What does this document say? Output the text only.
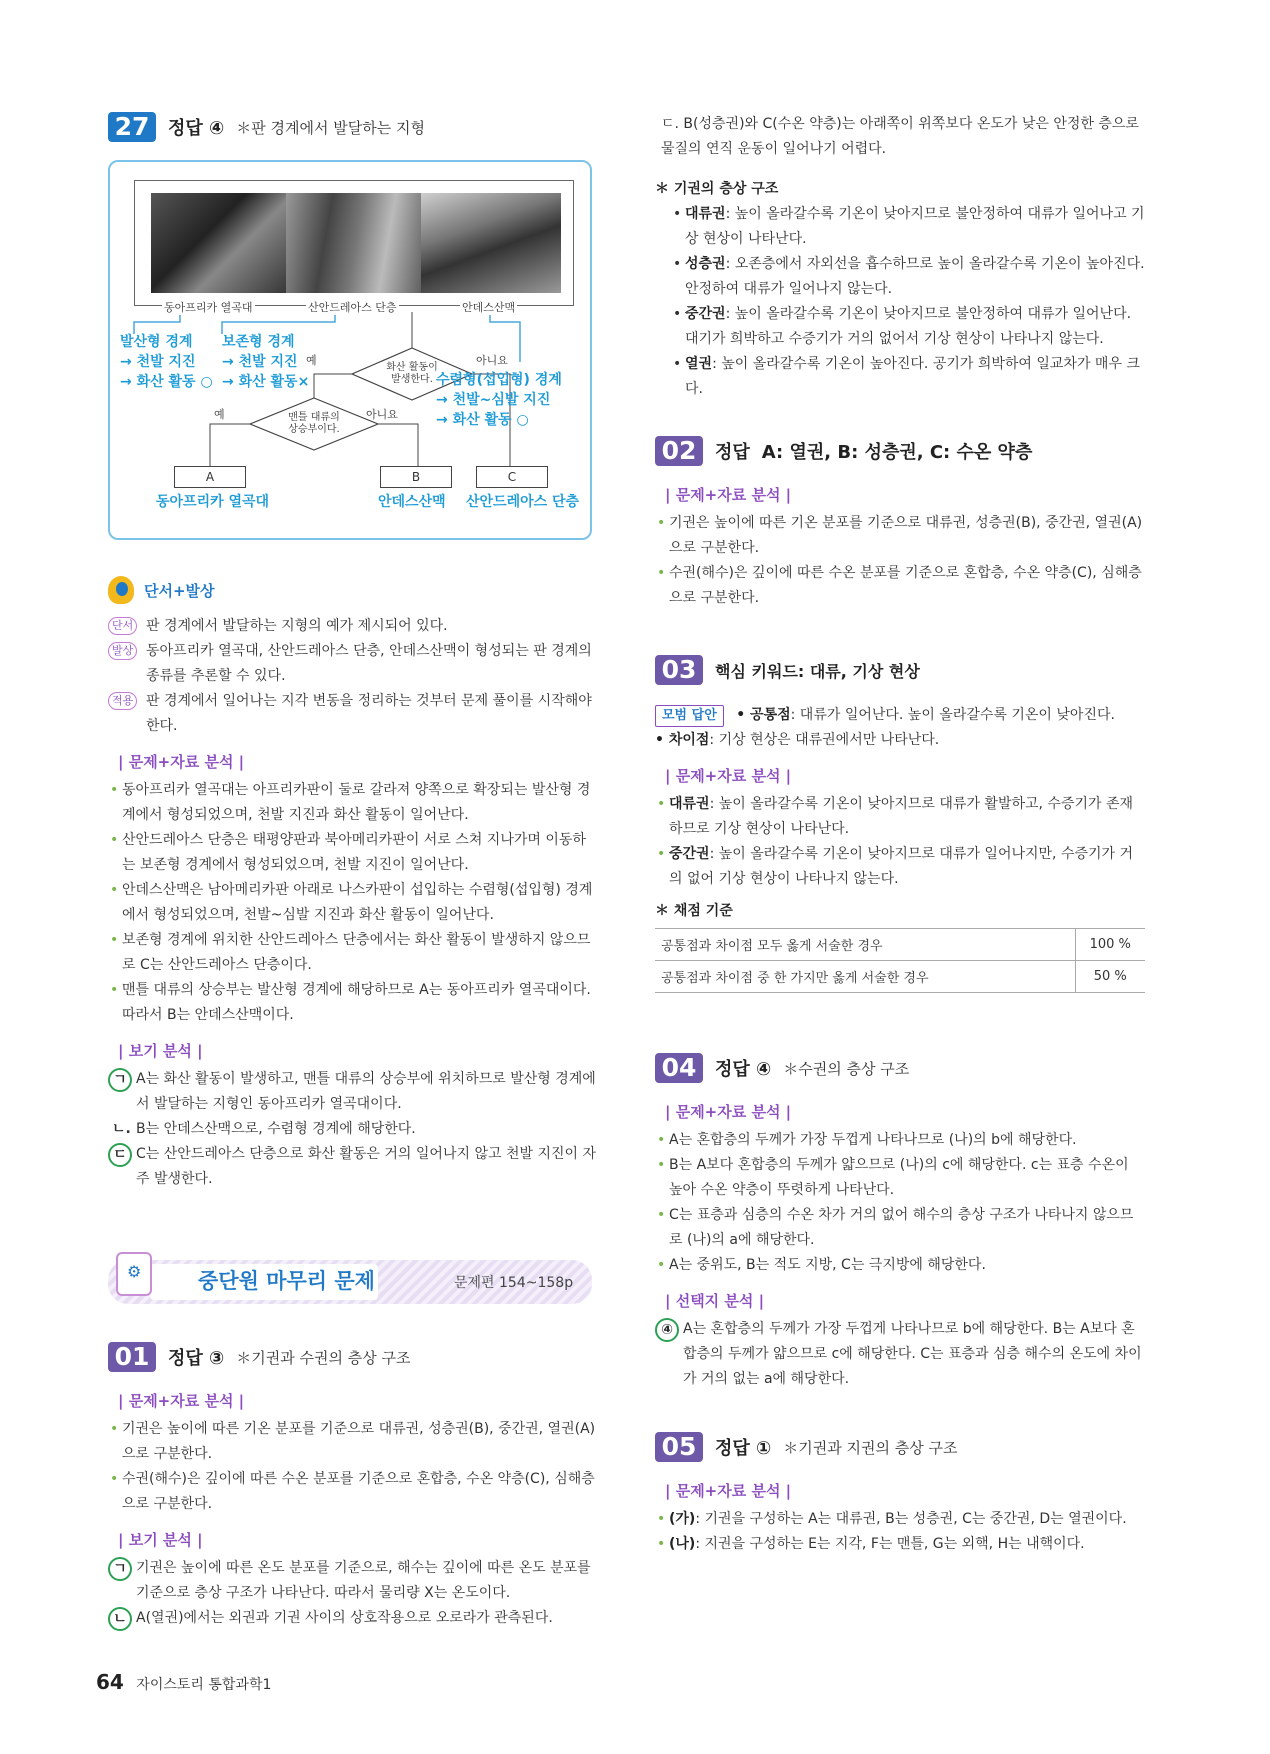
27	정답 ④ ＊판 경계에서 발달하는 지형
동아프리카 열곡대	산안드레아스 단층	안데스산맥
발산형 경계
→ 천발 지진
→ 화산 활동 ○
보존형 경계
→ 천발 지진
→ 화산 활동×	수렴형(섭입형) 경계
→ 천발~심발 지진
→ 화산 활동 ○
화산 활동이
발생한다.
맨틀 대류의
상승부이다.
예	아니요
예	아니요
A	B	C
동아프리카 열곡대	안데스산맥 산안드레아스 단층
단서+발상
단서 판 경계에서 발달하는 지형의 예가 제시되어 있다.
발상 동아프리카 열곡대, 산안드레아스 단층, 안데스산맥이 형성되는 판 경계의 종류를 추론할 수 있다.
적용 판 경계에서 일어나는 지각 변동을 정리하는 것부터 문제 풀이를 시작해야 한다.
| 문제+자료 분석 |
• 동아프리카 열곡대는 아프리카판이 둘로 갈라져 양쪽으로 확장되는 발산형 경계에서 형성되었으며, 천발 지진과 화산 활동이 일어난다.
• 산안드레아스 단층은 태평양판과 북아메리카판이 서로 스쳐 지나가며 이동하는 보존형 경계에서 형성되었으며, 천발 지진이 일어난다.
• 안데스산맥은 남아메리카판 아래로 나스카판이 섭입하는 수렴형(섭입형) 경계에서 형성되었으며, 천발~심발 지진과 화산 활동이 일어난다.
• 보존형 경계에 위치한 산안드레아스 단층에서는 화산 활동이 발생하지 않으므로 C는 산안드레아스 단층이다.
• 맨틀 대류의 상승부는 발산형 경계에 해당하므로 A는 동아프리카 열곡대이다. 따라서 B는 안데스산맥이다.
| 보기 분석 |
ㄱ A는 화산 활동이 발생하고, 맨틀 대류의 상승부에 위치하므로 발산형 경계에서 발달하는 지형인 동아프리카 열곡대이다.
ㄴ. B는 안데스산맥으로, 수렴형 경계에 해당한다.
ㄷ C는 산안드레아스 단층으로 화산 활동은 거의 일어나지 않고 천발 지진이 자주 발생한다.
⚙
중단원 마무리 문제	문제편 154~158p
01	정답 ③ ＊기권과 수권의 층상 구조
| 문제+자료 분석 |
• 기권은 높이에 따른 기온 분포를 기준으로 대류권, 성층권(B), 중간권, 열권(A)으로 구분한다.
• 수권(해수)은 깊이에 따른 수온 분포를 기준으로 혼합층, 수온 약층(C), 심해층으로 구분한다.
| 보기 분석 |
ㄱ 기권은 높이에 따른 온도 분포를 기준으로, 해수는 깊이에 따른 온도 분포를 기준으로 층상 구조가 나타난다. 따라서 물리량 X는 온도이다.
ㄴ A(열권)에서는 외권과 기권 사이의 상호작용으로 오로라가 관측된다.
ㄷ. B(성층권)와 C(수온 약층)는 아래쪽이 위쪽보다 온도가 낮은 안정한 층으로 물질의 연직 운동이 일어나기 어렵다.
＊ 기권의 층상 구조
• 대류권: 높이 올라갈수록 기온이 낮아지므로 불안정하여 대류가 일어나고 기상 현상이 나타난다.
• 성층권: 오존층에서 자외선을 흡수하므로 높이 올라갈수록 기온이 높아진다. 안정하여 대류가 일어나지 않는다.
• 중간권: 높이 올라갈수록 기온이 낮아지므로 불안정하여 대류가 일어난다. 대기가 희박하고 수증기가 거의 없어서 기상 현상이 나타나지 않는다.
• 열권: 높이 올라갈수록 기온이 높아진다. 공기가 희박하여 일교차가 매우 크다.
02	정답 A: 열권, B: 성층권, C: 수온 약층
| 문제+자료 분석 |
• 기권은 높이에 따른 기온 분포를 기준으로 대류권, 성층권(B), 중간권, 열권(A)으로 구분한다.
• 수권(해수)은 깊이에 따른 수온 분포를 기준으로 혼합층, 수온 약층(C), 심해층으로 구분한다.
03	핵심 키워드: 대류, 기상 현상
모범 답안 • 공통점: 대류가 일어난다. 높이 올라갈수록 기온이 낮아진다.
• 차이점: 기상 현상은 대류권에서만 나타난다.
| 문제+자료 분석 |
• 대류권: 높이 올라갈수록 기온이 낮아지므로 대류가 활발하고, 수증기가 존재하므로 기상 현상이 나타난다.
• 중간권: 높이 올라갈수록 기온이 낮아지므로 대류가 일어나지만, 수증기가 거의 없어 기상 현상이 나타나지 않는다.
＊ 채점 기준
공통점과 차이점 모두 옳게 서술한 경우	100 %
공통점과 차이점 중 한 가지만 옳게 서술한 경우	50 %
04	정답 ④ ＊수권의 층상 구조
| 문제+자료 분석 |
• A는 혼합층의 두께가 가장 두껍게 나타나므로 (나)의 b에 해당한다.
• B는 A보다 혼합층의 두께가 얇으므로 (나)의 c에 해당한다. c는 표층 수온이 높아 수온 약층이 뚜렷하게 나타난다.
• C는 표층과 심층의 수온 차가 거의 없어 해수의 층상 구조가 나타나지 않으므로 (나)의 a에 해당한다.
• A는 중위도, B는 적도 지방, C는 극지방에 해당한다.
| 선택지 분석 |
④ A는 혼합층의 두께가 가장 두껍게 나타나므로 b에 해당한다. B는 A보다 혼합층의 두께가 얇으므로 c에 해당한다. C는 표층과 심층 해수의 온도에 차이가 거의 없는 a에 해당한다.
05	정답 ① ＊기권과 지권의 층상 구조
| 문제+자료 분석 |
• (가): 기권을 구성하는 A는 대류권, B는 성층권, C는 중간권, D는 열권이다.
• (나): 지권을 구성하는 E는 지각, F는 맨틀, G는 외핵, H는 내핵이다.
64 자이스토리 통합과학1
